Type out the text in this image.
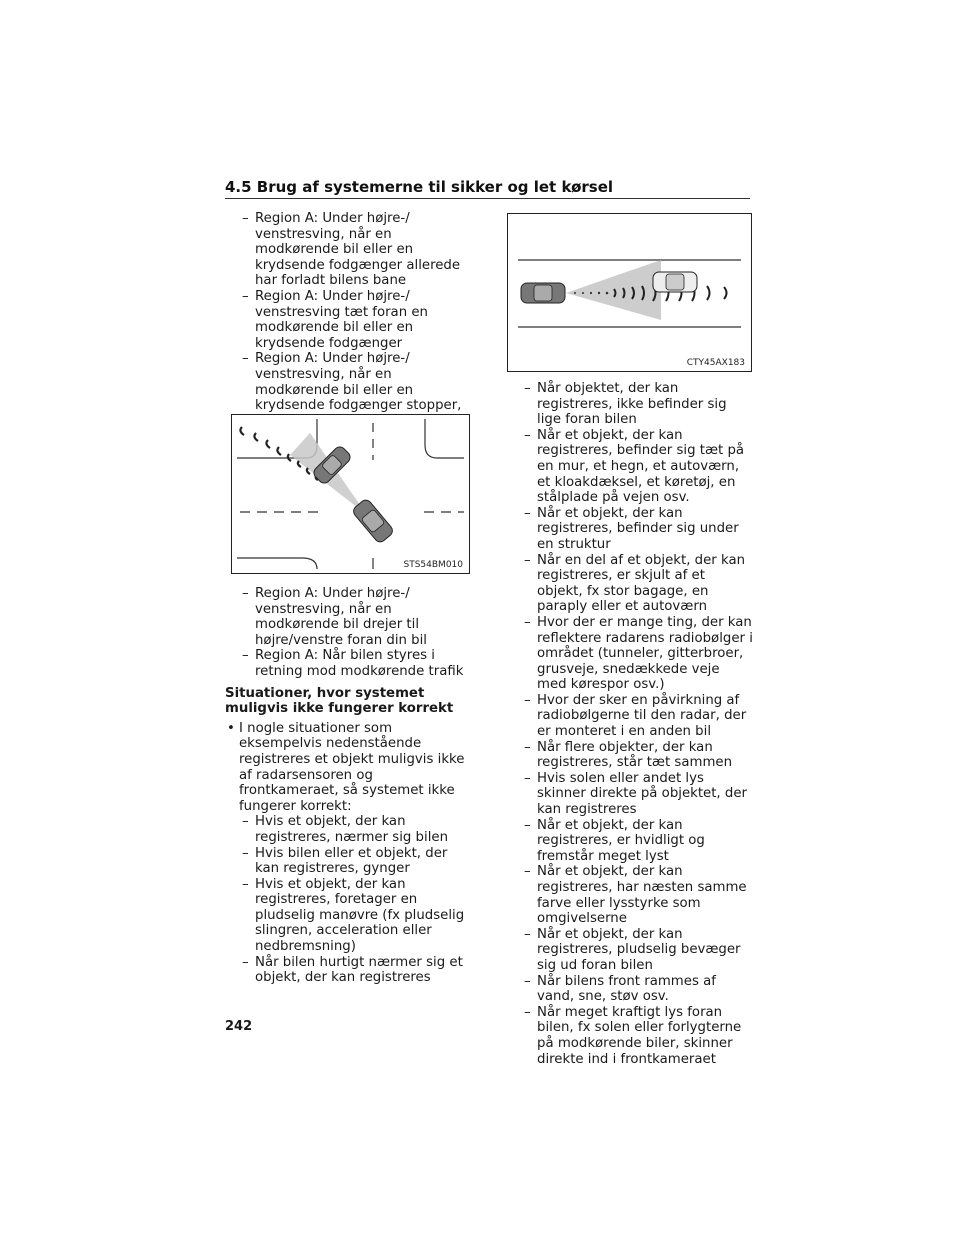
4.5 Brug af systemerne til sikker og let kørsel
– Region A: Under højre-/ venstresving, når en modkørende bil eller en krydsende fodgænger allerede har forladt bilens bane
– Region A: Under højre-/ venstresving tæt foran en modkørende bil eller en krydsende fodgænger
– Region A: Under højre-/ venstresving, når en modkørende bil eller en krydsende fodgænger stopper,
STS54BM010
– Region A: Under højre-/ venstresving, når en modkørende bil drejer til højre/venstre foran din bil
– Region A: Når bilen styres i retning mod modkørende trafik
Situationer, hvor systemet muligvis ikke fungerer korrekt
• I nogle situationer som eksempelvis nedenstående registreres et objekt muligvis ikke af radarsensoren og frontkameraet, så systemet ikke fungerer korrekt:
– Hvis et objekt, der kan registreres, nærmer sig bilen
– Hvis bilen eller et objekt, der kan registreres, gynger
– Hvis et objekt, der kan registreres, foretager en pludselig manøvre (fx pludselig slingren, acceleration eller nedbremsning)
– Når bilen hurtigt nærmer sig et objekt, der kan registreres
CTY45AX183
– Når objektet, der kan registreres, ikke befinder sig lige foran bilen
– Når et objekt, der kan registreres, befinder sig tæt på en mur, et hegn, et autoværn, et kloakdæksel, et køretøj, en stålplade på vejen osv.
– Når et objekt, der kan registreres, befinder sig under en struktur
– Når en del af et objekt, der kan registreres, er skjult af et objekt, fx stor bagage, en paraply eller et autoværn
– Hvor der er mange ting, der kan reflektere radarens radiobølger i området (tunneler, gitterbroer, grusveje, snedækkede veje med kørespor osv.)
– Hvor der sker en påvirkning af radiobølgerne til den radar, der er monteret i en anden bil
– Når flere objekter, der kan registreres, står tæt sammen
– Hvis solen eller andet lys skinner direkte på objektet, der kan registreres
– Når et objekt, der kan registreres, er hvidligt og fremstår meget lyst
– Når et objekt, der kan registreres, har næsten samme farve eller lysstyrke som omgivelserne
– Når et objekt, der kan registreres, pludselig bevæger sig ud foran bilen
– Når bilens front rammes af vand, sne, støv osv.
– Når meget kraftigt lys foran bilen, fx solen eller forlygterne på modkørende biler, skinner direkte ind i frontkameraet
242
